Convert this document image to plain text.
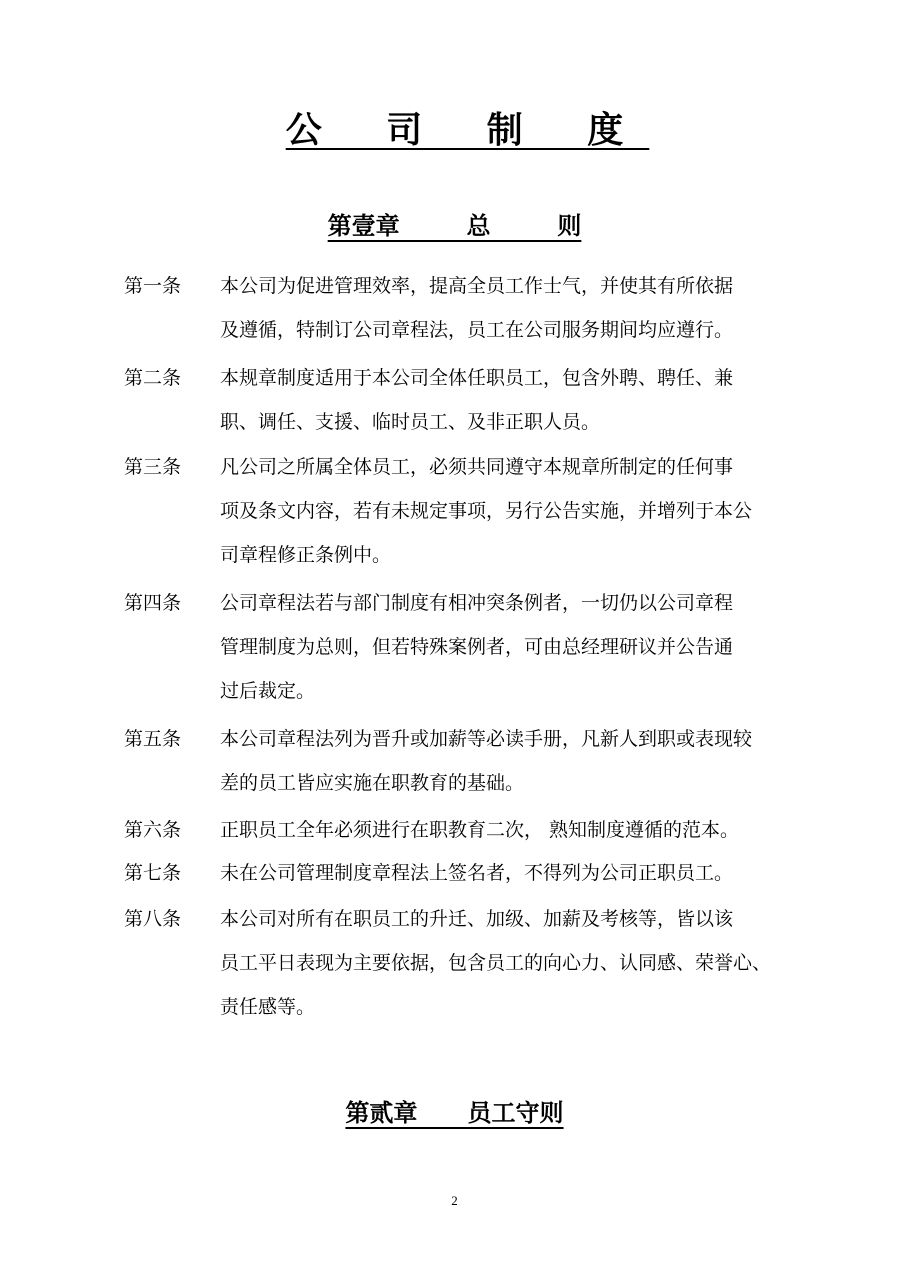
公 司 制 度
第壹章        总        则
第一条 本公司为促进管理效率，提高全员工作士气，并使其有所依据
及遵循，特制订公司章程法，员工在公司服务期间均应遵行。
第二条 本规章制度适用于本公司全体任职员工，包含外聘、聘任、兼
职、调任、支援、临时员工、及非正职人员。
第三条 凡公司之所属全体员工，必须共同遵守本规章所制定的任何事
项及条文内容，若有未规定事项，另行公告实施，并增列于本公
司章程修正条例中。
第四条 公司章程法若与部门制度有相冲突条例者，一切仍以公司章程
管理制度为总则，但若特殊案例者，可由总经理研议并公告通
过后裁定。
第五条 本公司章程法列为晋升或加薪等必读手册，凡新人到职或表现较
差的员工皆应实施在职教育的基础。
第六条 正职员工全年必须进行在职教育二次， 熟知制度遵循的范本。
第七条 未在公司管理制度章程法上签名者，不得列为公司正职员工。
第八条 本公司对所有在职员工的升迁、加级、加薪及考核等，皆以该
员工平日表现为主要依据，包含员工的向心力、认同感、荣誉心、
责任感等。
第贰章      员工守则
2
